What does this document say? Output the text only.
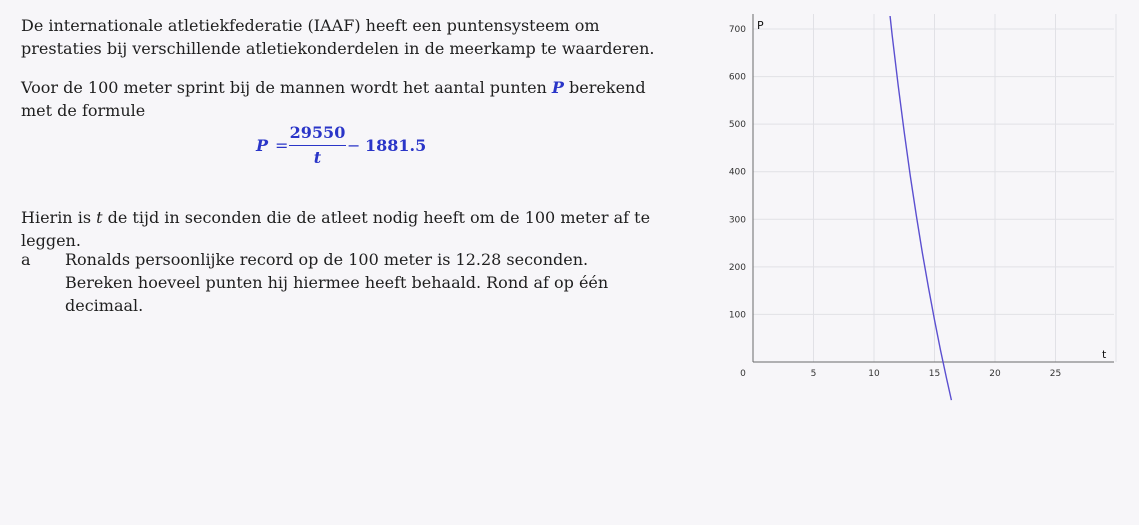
De internationale atletiekfederatie (IAAF) heeft een puntensysteem om prestaties bij verschillende atletiekonderdelen in de meerkamp te waarderen.

Voor de 100 meter sprint bij de mannen wordt het aantal punten P berekend met de formule

P =
29550
t
− 1881.5

Hierin is t de tijd in seconden die de atleet nodig heeft om de 100 meter af te leggen.

a Ronalds persoonlijke record op de 100 meter is 12.28 seconden. Bereken hoeveel punten hij hiermee heeft behaald. Rond af op één decimaal.

P
t
0	5	10	15	20	25
100
200
300
400
500
600
700
